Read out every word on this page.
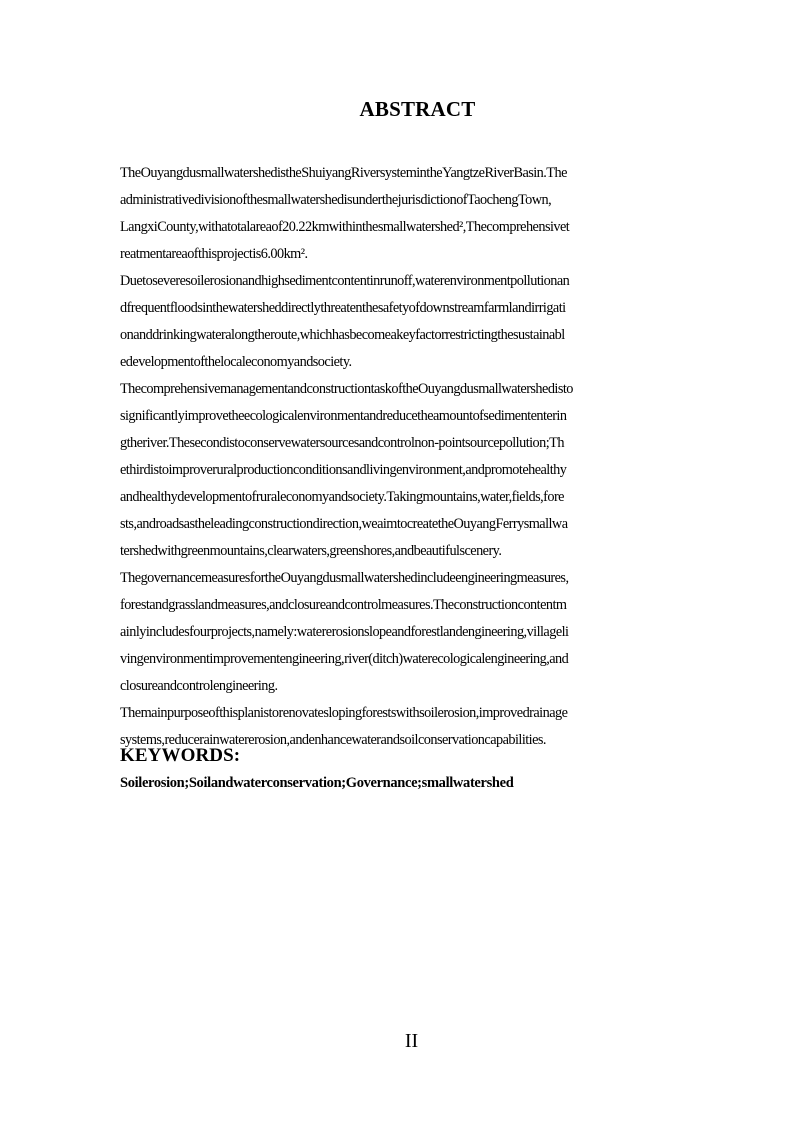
ABSTRACT
TheOuyangdusmallwatershedistheShuiyangRiversystemintheYangtzeRiverBasin.The
administrativedivisionofthesmallwatershedisunderthejurisdictionofTaochengTown,
LangxiCounty,withatotalareaof20.22kmwithinthesmallwatershed²,Thecomprehensivet
reatmentareaofthisprojectis6.00km².
Duetoseveresoilerosionandhighsedimentcontentinrunoff,waterenvironmentpollutionan
dfrequentfloodsinthewatersheddirectlythreatenthesafetyofdownstreamfarmlandirrigati
onanddrinkingwateralongtheroute,whichhasbecomeakeyfactorrestrictingthesustainabl
edevelopmentofthelocaleconomyandsociety.
ThecomprehensivemanagementandconstructiontaskoftheOuyangdusmallwatershedisto
significantlyimprovetheecologicalenvironmentandreducetheamountofsedimententerin
gtheriver.Thesecondistoconservewatersourcesandcontrolnon-pointsourcepollution;Th
ethirdistoimproveruralproductionconditionsandlivingenvironment,andpromotehealthy
andhealthydevelopmentofruraleconomyandsociety.Takingmountains,water,fields,fore
sts,androadsastheleadingconstructiondirection,weaimtocreatetheOuyangFerrysmallwa
tershedwithgreenmountains,clearwaters,greenshores,andbeautifulscenery.
ThegovernancemeasuresfortheOuyangdusmallwatershedincludeengineeringmeasures,
forestandgrasslandmeasures,andclosureandcontrolmeasures.Theconstructioncontentm
ainlyincludesfourprojects,namely:watererosionslopeandforestlandengineering,villageli
vingenvironmentimprovementengineering,river(ditch)waterecologicalengineering,and
closureandcontrolengineering.
Themainpurposeofthisplanistorenovateslopingforestswithsoilerosion,improvedrainage
systems,reducerainwatererosion,andenhancewaterandsoilconservationcapabilities.
KEYWORDS:
Soilerosion;Soilandwaterconservation;Governance;smallwatershed
II
